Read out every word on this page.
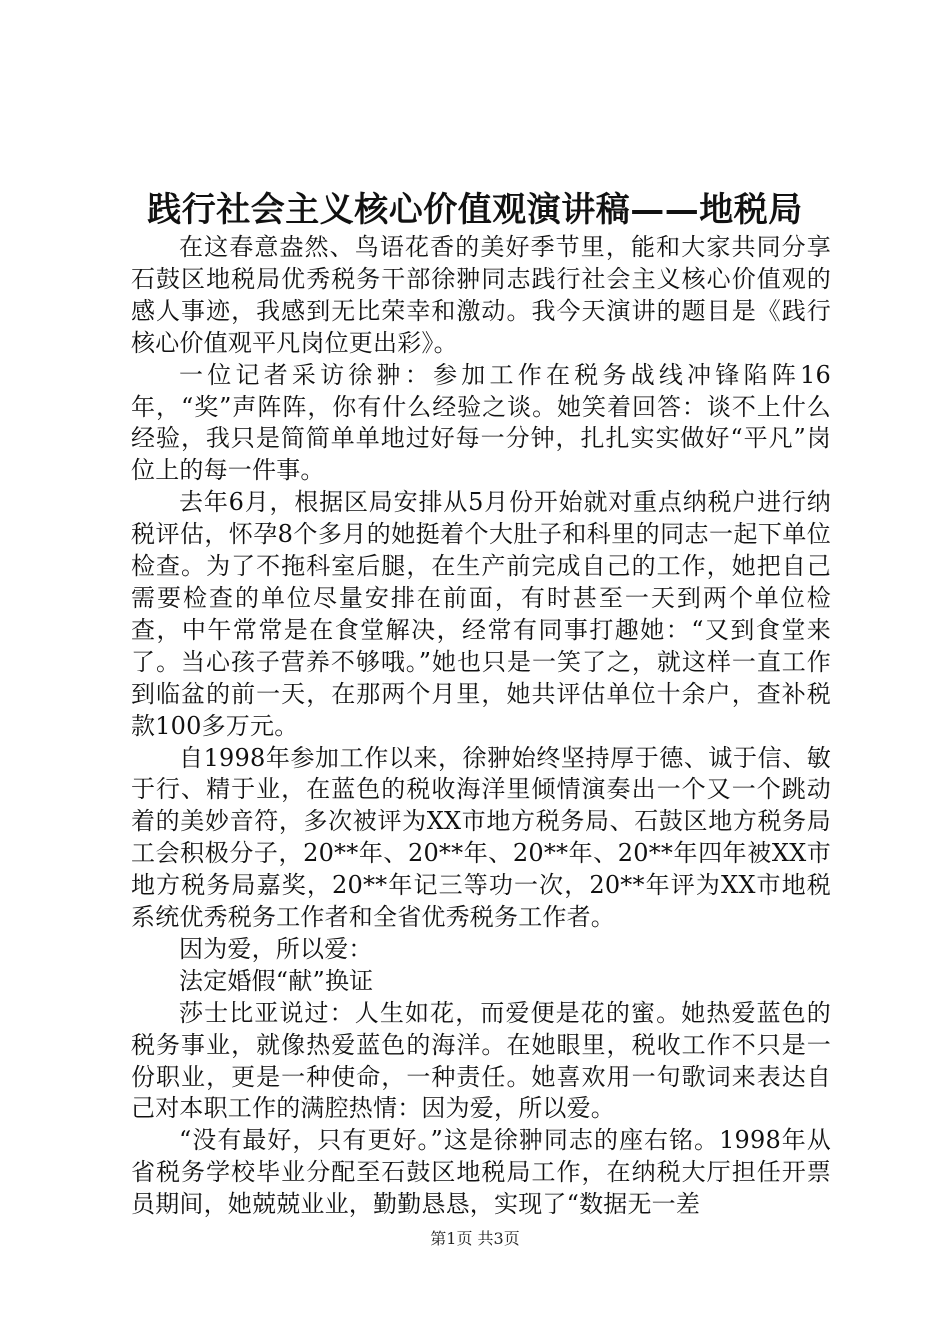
践行社会主义核心价值观演讲稿——地税局

在这春意盎然、鸟语花香的美好季节里，能和大家共同分享石鼓区地税局优秀税务干部徐翀同志践行社会主义核心价值观的感人事迹，我感到无比荣幸和激动。我今天演讲的题目是《践行核心价值观平凡岗位更出彩》。

一位记者采访徐翀：参加工作在税务战线冲锋陷阵16年，“奖”声阵阵，你有什么经验之谈。她笑着回答：谈不上什么经验，我只是简简单单地过好每一分钟，扎扎实实做好“平凡”岗位上的每一件事。

去年6月，根据区局安排从5月份开始就对重点纳税户进行纳税评估，怀孕8个多月的她挺着个大肚子和科里的同志一起下单位检查。为了不拖科室后腿，在生产前完成自己的工作，她把自己需要检查的单位尽量安排在前面，有时甚至一天到两个单位检查，中午常常是在食堂解决，经常有同事打趣她：“又到食堂来了。当心孩子营养不够哦。”她也只是一笑了之，就这样一直工作到临盆的前一天，在那两个月里，她共评估单位十余户，查补税款100多万元。

自1998年参加工作以来，徐翀始终坚持厚于德、诚于信、敏于行、精于业，在蓝色的税收海洋里倾情演奏出一个又一个跳动着的美妙音符，多次被评为XX市地方税务局、石鼓区地方税务局工会积极分子，20**年、20**年、20**年、20**年四年被XX市地方税务局嘉奖，20**年记三等功一次，20**年评为XX市地税系统优秀税务工作者和全省优秀税务工作者。

因为爱，所以爱：

法定婚假“献”换证

莎士比亚说过：人生如花，而爱便是花的蜜。她热爱蓝色的税务事业，就像热爱蓝色的海洋。在她眼里，税收工作不只是一份职业，更是一种使命，一种责任。她喜欢用一句歌词来表达自己对本职工作的满腔热情：因为爱，所以爱。

“没有最好，只有更好。”这是徐翀同志的座右铭。1998年从省税务学校毕业分配至石鼓区地税局工作，在纳税大厅担任开票员期间，她兢兢业业，勤勤恳恳，实现了“数据无一差

第1页 共3页
